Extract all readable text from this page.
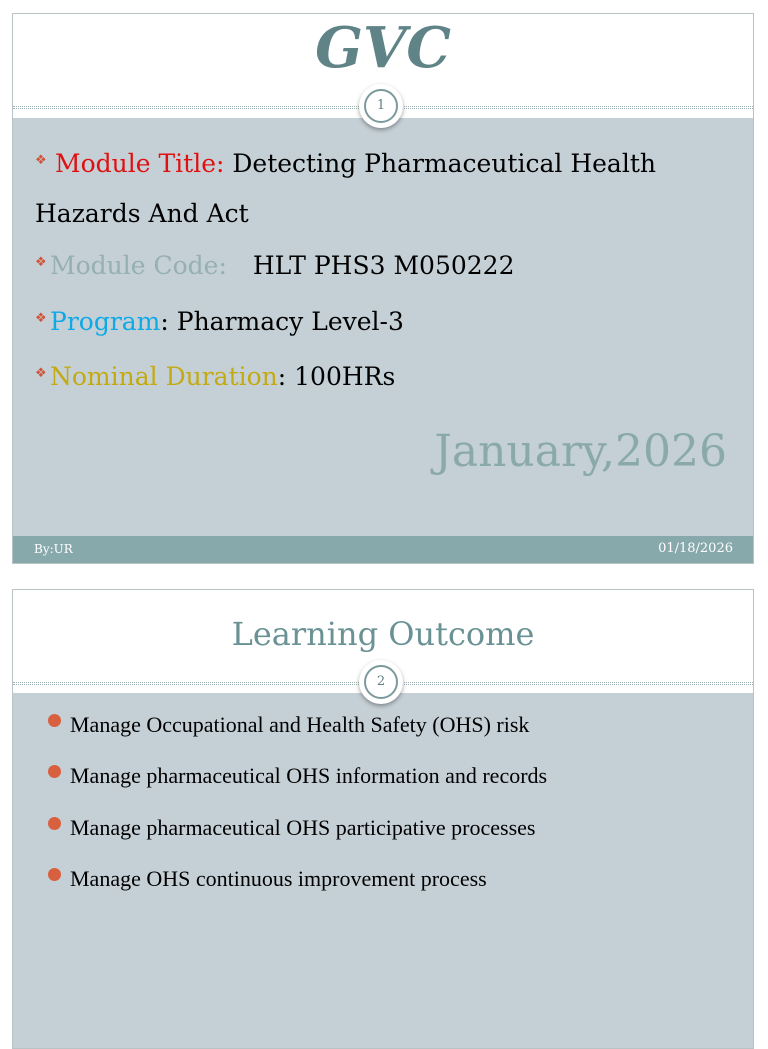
GVC
1
❖ Module Title: Detecting Pharmaceutical Health Hazards And Act
❖ Module Code: HLT PHS3 M050222
❖ Program: Pharmacy Level-3
❖ Nominal Duration: 100HRs
January,2026
By:UR	01/18/2026
Learning Outcome
2
Manage Occupational and Health Safety (OHS) risk
Manage pharmaceutical OHS information and records
Manage pharmaceutical OHS participative processes
Manage OHS continuous improvement process
